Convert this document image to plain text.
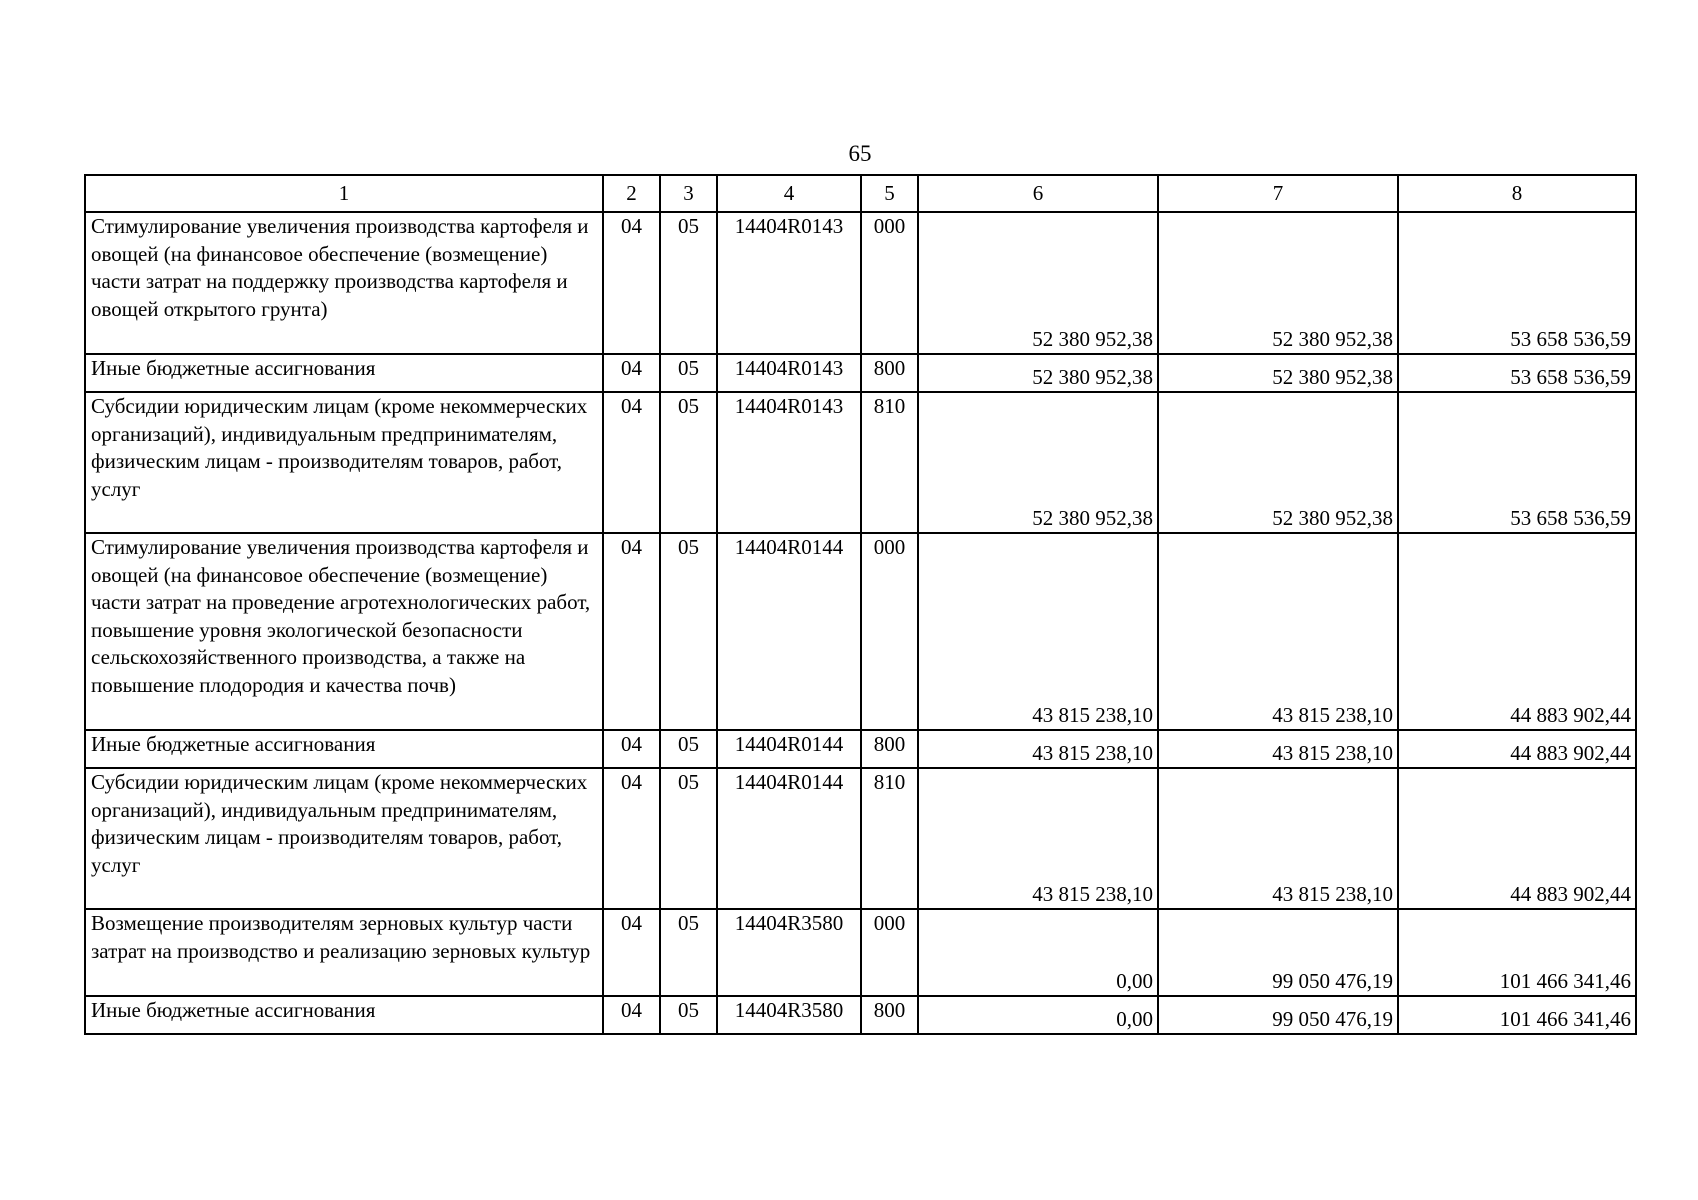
65
1	2	3	4	5	6	7	8
Стимулирование увеличения производства картофеля и овощей (на финансовое обеспечение (возмещение) части затрат на поддержку производства картофеля и овощей открытого грунта)	04	05	14404R0143	000	52 380 952,38	52 380 952,38	53 658 536,59
Иные бюджетные ассигнования	04	05	14404R0143	800	52 380 952,38	52 380 952,38	53 658 536,59
Субсидии юридическим лицам (кроме некоммерческих организаций), индивидуальным предпринимателям, физическим лицам - производителям товаров, работ, услуг	04	05	14404R0143	810	52 380 952,38	52 380 952,38	53 658 536,59
Стимулирование увеличения производства картофеля и овощей (на финансовое обеспечение (возмещение) части затрат на проведение агротехнологических работ, повышение уровня экологической безопасности сельскохозяйственного производства, а также на повышение плодородия и качества почв)	04	05	14404R0144	000	43 815 238,10	43 815 238,10	44 883 902,44
Иные бюджетные ассигнования	04	05	14404R0144	800	43 815 238,10	43 815 238,10	44 883 902,44
Субсидии юридическим лицам (кроме некоммерческих организаций), индивидуальным предпринимателям, физическим лицам - производителям товаров, работ, услуг	04	05	14404R0144	810	43 815 238,10	43 815 238,10	44 883 902,44
Возмещение производителям зерновых культур части затрат на производство и реализацию зерновых культур	04	05	14404R3580	000	0,00	99 050 476,19	101 466 341,46
Иные бюджетные ассигнования	04	05	14404R3580	800	0,00	99 050 476,19	101 466 341,46
